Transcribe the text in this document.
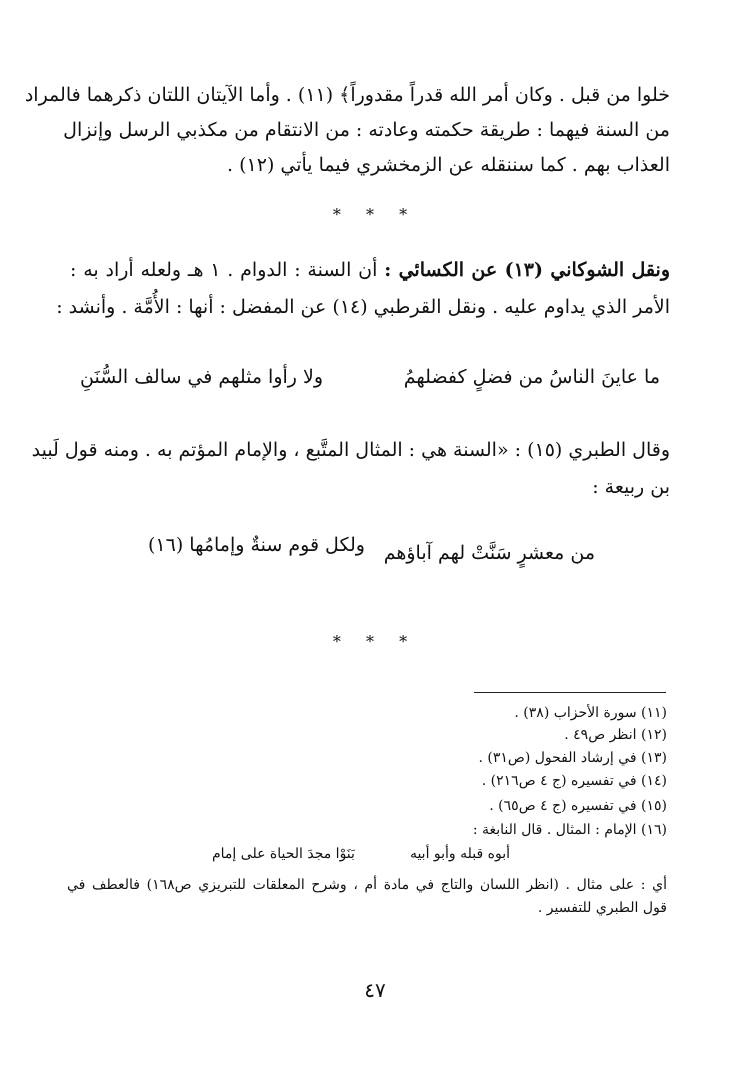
خلوا من قبل . وكان أمر الله قدراً مقدوراً﴾ (١١) . وأما الآيتان اللتان ذكرهما فالمراد
من السنة فيهما : طريقة حكمته وعادته : من الانتقام من مكذبي الرسل وإنزال
العذاب بهم . كما سننقله عن الزمخشري فيما يأتي (١٢) .
* * *
ونقل الشوكاني (١٣) عن الكسائي : أن السنة : الدوام . ١ هـ ولعله أراد به :
الأمر الذي يداوم عليه . ونقل القرطبي (١٤) عن المفضل : أنها : الأُمَّة . وأنشد :
ما عاينَ الناسُ من فضلٍ كفضلهمُ
ولا رأوا مثلهم في سالف السُّنَنِ
وقال الطبري (١٥) : «السنة هي : المثال المتَّبع ، والإمام المؤتم به . ومنه قول لَبيد
بن ربيعة :
من معشرٍ سَنَّتْ لهم آباؤهم
ولكل قوم سنةٌ وإمامُها (١٦)
* * *
(١١) سورة الأحزاب (٣٨) .
(١٢) انظر ص٤٩ .
(١٣) في إرشاد الفحول (ص٣١) .
(١٤) في تفسيره (ج ٤ ص٢١٦) .
(١٥) في تفسيره (ج ٤ ص٦٥) .
(١٦) الإمام : المثال . قال النابغة :
أبوه قبله وأبو أبيه
بَنَوْا مجدَ الحياة على إمام
أي : على مثال . (انظر اللسان والتاج في مادة أم ، وشرح المعلقات للتبريزي ص١٦٨) فالعطف في
قول الطبري للتفسير .
٤٧
